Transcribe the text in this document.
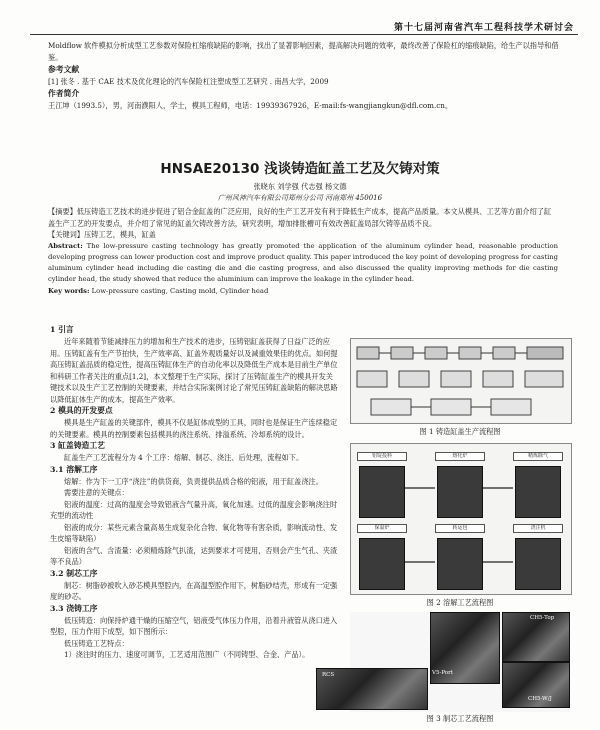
第十七届河南省汽车工程科技学术研讨会

Moldflow 软件模拟分析成型工艺参数对保险杠缩痕缺陷的影响，找出了显著影响因素，提高解决问题的效率，最终改善了保险杠的缩痕缺陷，给生产以指导和借鉴。

参考文献

[1] 张冬 . 基于 CAE 技术及优化理论的汽车保险杠注塑成型工艺研究 . 南昌大学，2009

作者简介

王江坤（1993.5），男，河南濮阳人，学士，模具工程师，电话：19939367926，E-mail:fs-wangjiangkun@dfl.com.cn。

HNSAE20130 浅谈铸造缸盖工艺及欠铸对策
张晓东 刘学强 代志强 杨文德
广州风神汽车有限公司郑州分公司 河南郑州 450016

【摘要】低压铸造工艺技术的进步促进了铝合金缸盖的广泛应用，良好的生产工艺开发有利于降低生产成本，提高产品质量。本文从模具、工艺等方面介绍了缸盖生产工艺的开发要点，并介绍了常见的缸盖欠铸改善方法，研究表明，增加排胀槽可有效改善缸盖局部欠铸等品质不良。

【关键词】压铸工艺，模具，缸盖

Abstract: The low-pressure casting technology has greatly promoted the application of the aluminum cylinder head, reasonable production developing progress can lower production cost and improve product quality. This paper introduced the key point of developing progress for casting aluminum cylinder head including die casting die and die casting progress, and also discussed the quality improving methods for die casting cylinder head, the study showed that reduce the aluminium can improve the leakage in the cylinder head.

Key words: Low-pressure casting, Casting mold, Cylinder head

1 引言

近年来随着节能减排压力的增加和生产技术的进步，压铸铝缸盖获得了日益广泛的应用。压铸缸盖有生产节拍快，生产效率高、缸盖外观质量好以及减重效果佳的优点。如何提高压铸缸盖品质的稳定性，提高压铸缸体生产的自动化率以及降低生产成本是目前生产单位和科研工作者关注的重点[1,2]，本文整理于生产实际，探讨了压铸缸盖生产的模具开发关键技术以及生产工艺控制的关键要素，并结合实际案例讨论了常见压铸缸盖缺陷的解决思路以降低缸体生产的成本，提高生产效率。

2 模具的开发要点

模具是生产缸盖的关键部件，模具不仅是缸体成型的工具，同时也是保证生产连续稳定的关键要素。模具的控制要素包括模具的浇注系统、排溢系统、冷却系统的设计。

3 缸盖铸造工艺

缸盖生产工艺流程分为 4 个工序：熔解、制芯、浇注、后处理，流程如下。

3.1 溶解工序

熔解：作为下一工序“浇注”的供货商，负责提供品质合格的铝液，用于缸盖浇注。

需要注意的关键点：

铝液的温度：过高的温度会导致铝液含气量升高，氧化加速。过低的温度会影响浇注时充型的流动性

铝液的成分：某些元素含量高易生成复杂化合物、氧化物等有害杂质，影响流动性、发生皮缩等缺陷）

铝液的含气、含渣量：必须精炼除气扒渣，达到要求才可使用，否则会产生气孔、夹渣等不良品）

3.2 制芯工序

制芯：树脂砂被吹入砂芯模具型腔内，在高温型腔作用下，树脂砂结壳，形成有一定强度的砂芯。

3.3 浇铸工序

低压铸造：向保持炉通干燥的压缩空气，铝液受气体压力作用，沿着升液管从浇口进入型腔，压力作用下成型，如下图所示：

低压铸造工艺特点：

1）浇注时的压力、速度可调节，工艺适用范围广（不同铸型、合金、产品）。

图 1 铸造缸盖生产流程图
铝锭投料	熔化炉	精炼除气
保温炉	转运包	浇注机
图 2 溶解工艺流程图
V5-Port
CH5-Top
CH5-W/J
RCS
图 3 制芯工艺流程图
